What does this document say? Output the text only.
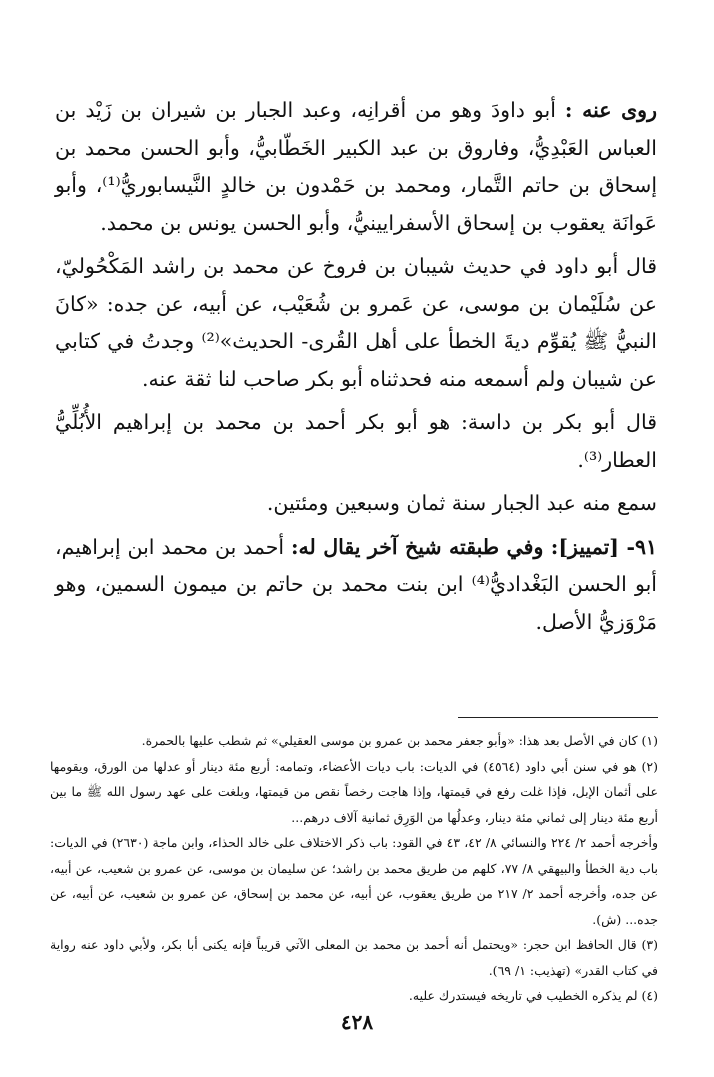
روى عنه : أبو داودَ وهو من أقرانِه، وعبد الجبار بن شيران بن زَيْد بن العباس العَبْدِيُّ، وفاروق بن عبد الكبير الخَطّابيُّ، وأبو الحسن محمد بن إسحاق بن حاتم التَّمار، ومحمد بن حَمْدون بن خالدٍ النَّيسابوريُّ⁽¹⁾، وأبو عَوانَة يعقوب بن إسحاق الأسفرايينيُّ، وأبو الحسن يونس بن محمد.

قال أبو داود في حديث شيبان بن فروخ عن محمد بن راشد المَكْحُوليّ، عن سُلَيْمان بن موسى، عن عَمرو بن شُعَيْب، عن أبيه، عن جده: «كانَ النبيُّ ﷺ يُقوِّم ديةَ الخطأ على أهل القُرى- الحديث»⁽²⁾ وجدتُ في كتابي عن شيبان ولم أسمعه منه فحدثناه أبو بكر صاحب لنا ثقة عنه.

قال أبو بكر بن داسة: هو أبو بكر أحمد بن محمد بن إبراهيم الأُبُلِّيُّ العطار⁽³⁾.

سمع منه عبد الجبار سنة ثمان وسبعين ومئتين.

٩١- [تمييز]: وفي طبقته شيخ آخر يقال له: أحمد بن محمد ابن إبراهيم، أبو الحسن البَغْداديُّ⁽⁴⁾ ابن بنت محمد بن حاتم بن ميمون السمين، وهو مَرْوَزيُّ الأصل.

(١) كان في الأصل بعد هذا: «وأبو جعفر محمد بن عمرو بن موسى العقيلي» ثم شطب عليها بالحمرة.

(٢) هو في سنن أبي داود (٤٥٦٤) في الديات: باب ديات الأعضاء، وتمامه: أربع مئة دينار أو عدلها من الورق، ويقومها على أثمان الإبل، فإذا غلت رفع في قيمتها، وإذا هاجت رخصاً نقص من قيمتها، وبلغت على عهد رسول الله ﷺ ما بين أربع مئة دينار إلى ثماني مئة دينار، وعدلُها من الوَرِق ثمانية آلاف درهم...

وأخرجه أحمد ٢/ ٢٢٤ والنسائي ٨/ ٤٢، ٤٣ في القود: باب ذكر الاختلاف على خالد الحذاء، وابن ماجة (٢٦٣٠) في الديات: باب دية الخطأ والبيهقي ٨/ ٧٧، كلهم من طريق محمد بن راشد؛ عن سليمان بن موسى، عن عمرو بن شعيب، عن أبيه، عن جده، وأخرجه أحمد ٢/ ٢١٧ من طريق يعقوب، عن أبيه، عن محمد بن إسحاق، عن عمرو بن شعيب، عن أبيه، عن جده... (ش).

(٣) قال الحافظ ابن حجر: «ويحتمل أنه أحمد بن محمد بن المعلى الآتي قريباً فإنه يكنى أبا بكر، ولأبي داود عنه رواية في كتاب القدر» (تهذيب: ١/ ٦٩).

(٤) لم يذكره الخطيب في تاريخه فيستدرك عليه.

٤٢٨
